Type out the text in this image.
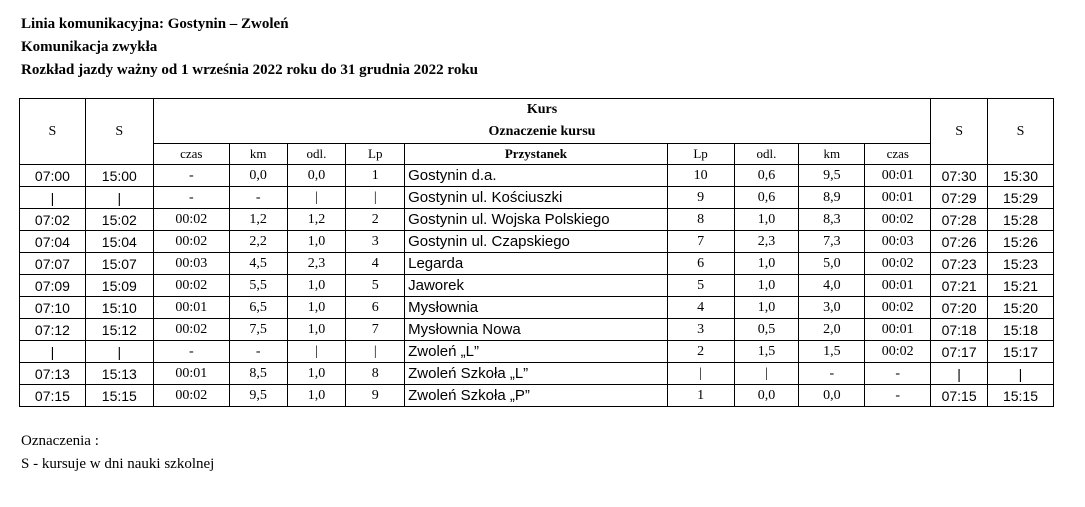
Linia komunikacyjna: Gostynin – Zwoleń
Komunikacja zwykła
Rozkład jazdy ważny od 1 września 2022 roku do 31 grudnia 2022 roku
S	S	Kurs
Oznaczenie kursu									S	S
		czas	km	odl.	Lp	Przystanek	Lp	odl.	km	czas		
07:00	15:00	-	0,0	0,0	1	Gostynin d.a.	10	0,6	9,5	00:01	07:30	15:30
|	|	-	-	|	|	Gostynin ul. Kościuszki	9	0,6	8,9	00:01	07:29	15:29
07:02	15:02	00:02	1,2	1,2	2	Gostynin ul. Wojska Polskiego	8	1,0	8,3	00:02	07:28	15:28
07:04	15:04	00:02	2,2	1,0	3	Gostynin ul. Czapskiego	7	2,3	7,3	00:03	07:26	15:26
07:07	15:07	00:03	4,5	2,3	4	Legarda	6	1,0	5,0	00:02	07:23	15:23
07:09	15:09	00:02	5,5	1,0	5	Jaworek	5	1,0	4,0	00:01	07:21	15:21
07:10	15:10	00:01	6,5	1,0	6	Mysłownia	4	1,0	3,0	00:02	07:20	15:20
07:12	15:12	00:02	7,5	1,0	7	Mysłownia Nowa	3	0,5	2,0	00:01	07:18	15:18
|	|	-	-	|	|	Zwoleń „L”	2	1,5	1,5	00:02	07:17	15:17
07:13	15:13	00:01	8,5	1,0	8	Zwoleń Szkoła „L”	|	|	-	-	|	|
07:15	15:15	00:02	9,5	1,0	9	Zwoleń Szkoła „P”	1	0,0	0,0	-	07:15	15:15
Oznaczenia :
S - kursuje w dni nauki szkolnej
